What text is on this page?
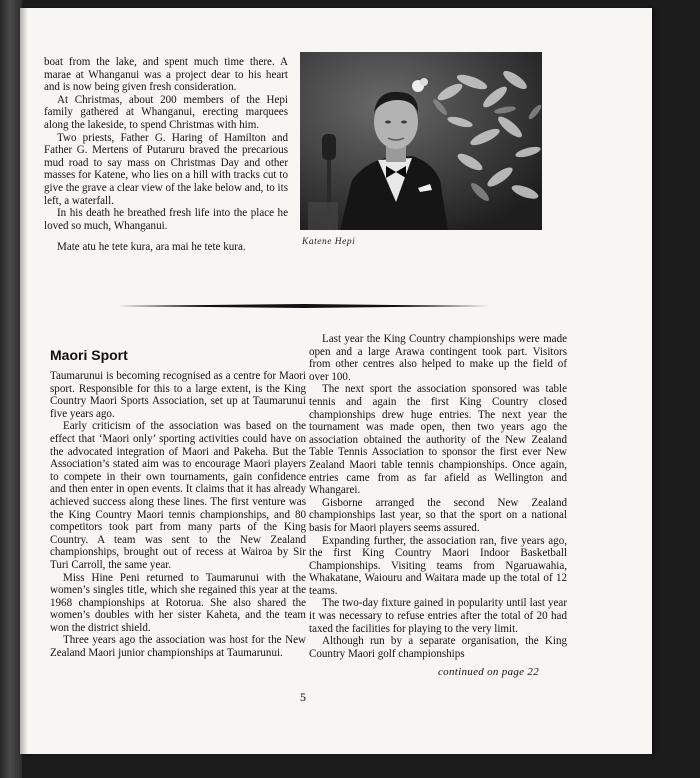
boat from the lake, and spent much time there. A marae at Whanganui was a project dear to his heart and is now being given fresh consideration.

At Christmas, about 200 members of the Hepi family gathered at Whanganui, erecting marquees along the lakeside, to spend Christmas with him.

Two priests, Father G. Haring of Hamilton and Father G. Mertens of Putaruru braved the precarious mud road to say mass on Christmas Day and other masses for Katene, who lies on a hill with tracks cut to give the grave a clear view of the lake below and, to its left, a waterfall.

In his death he breathed fresh life into the place he loved so much, Whanganui.

Mate atu he tete kura, ara mai he tete kura.	Katene Hepi

Taumarunui is becoming recognised as a centre for Maori sport. Responsible for this to a large extent, is the King Country Maori Sports Association, set up at Taumarunui five years ago.

Early criticism of the association was based on the effect that ‘Maori only’ sporting activities could have on the advocated integration of Maori and Pakeha. But the Association’s stated aim was to encourage Maori players to compete in their own tournaments, gain confidence and then enter in open events. It claims that it has already achieved success along these lines. The first venture was the King Country Maori tennis championships, and 80 competitors took part from many parts of the King Country. A team was sent to the New Zealand championships, brought out of recess at Wairoa by Sir Turi Carroll, the same year.

Miss Hine Peni returned to Taumarunui with the women’s singles title, which she regained this year at the 1968 championships at Rotorua. She also shared the women’s doubles with her sister Kaheta, and the team won the district shield.

Three years ago the association was host for the New Zealand Maori junior championships at Taumarunui.

Maori Sport

Last year the King Country championships were made open and a large Arawa contingent took part. Visitors from other centres also helped to make up the field of over 100.

The next sport the association sponsored was table tennis and again the first King Country closed championships drew huge entries. The next year the tournament was made open, then two years ago the association obtained the authority of the New Zealand Table Tennis Association to sponsor the first ever New Zealand Maori table tennis championships. Once again, entries came from as far afield as Wellington and Whangarei.

Gisborne arranged the second New Zealand championships last year, so that the sport on a national basis for Maori players seems assured.

Expanding further, the association ran, five years ago, the first King Country Maori Indoor Basketball Championships. Visiting teams from Ngaruawahia, Whakatane, Waiouru and Waitara made up the total of 12 teams.

The two-day fixture gained in popularity until last year it was necessary to refuse entries after the total of 20 had taxed the facilities for playing to the very limit.

Although run by a separate organisation, the King Country Maori golf championships

continued on page 22
5
